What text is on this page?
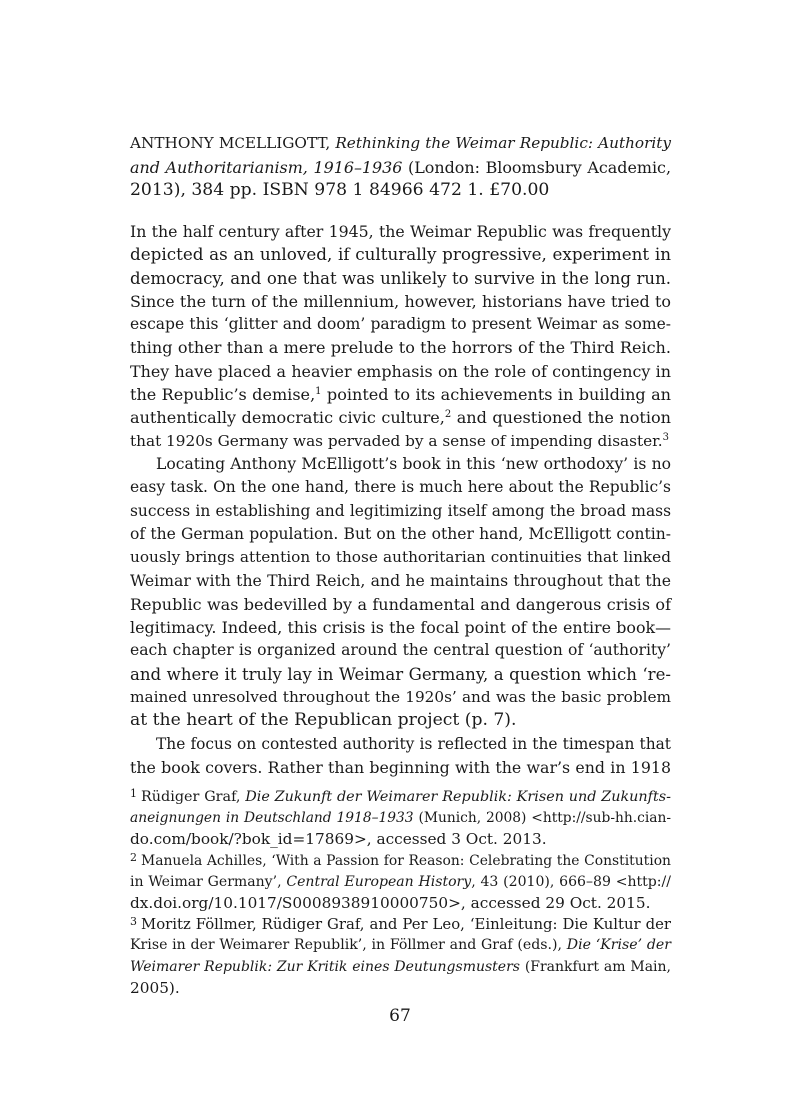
ANTHONY MCELLIGOTT, Rethinking the Weimar Republic: Authority
and Authoritarianism, 1916–1936 (London: Bloomsbury Academic,
2013), 384 pp. ISBN 978 1 84966 472 1. £70.00
In the half century after 1945, the Weimar Republic was frequently
depicted as an unloved, if culturally progressive, experiment in
democracy, and one that was unlikely to survive in the long run.
Since the turn of the millennium, however, historians have tried to
escape this ‘glitter and doom’ paradigm to present Weimar as some-
thing other than a mere prelude to the horrors of the Third Reich.
They have placed a heavier emphasis on the role of contingency in
the Republic’s demise,$^1$ pointed to its achievements in building an
authentically democratic civic culture,$^2$ and questioned the notion
that 1920s Germany was pervaded by a sense of impending disaster.$^3$
Locating Anthony McElligott’s book in this ‘new orthodoxy’ is no
easy task. On the one hand, there is much here about the Republic’s
success in establishing and legitimizing itself among the broad mass
of the German population. But on the other hand, McElligott contin-
uously brings attention to those authoritarian continuities that linked
Weimar with the Third Reich, and he maintains throughout that the
Republic was bedevilled by a fundamental and dangerous crisis of
legitimacy. Indeed, this crisis is the focal point of the entire book—
each chapter is organized around the central question of ‘authority’
and where it truly lay in Weimar Germany, a question which ‘re-
mained unresolved throughout the 1920s’ and was the basic problem
at the heart of the Republican project (p. 7).
The focus on contested authority is reflected in the timespan that
the book covers. Rather than beginning with the war’s end in 1918
$^1$ Rüdiger Graf, Die Zukunft der Weimarer Republik: Krisen und Zukunfts-
aneignungen in Deutschland 1918–1933 (Munich, 2008) <http://sub-hh.cian-
do.com/book/?bok_id=17869>, accessed 3 Oct. 2013.
$^2$ Manuela Achilles, ‘With a Passion for Reason: Celebrating the Constitution
in Weimar Germany’, Central European History, 43 (2010), 666–89 <http://
dx.doi.org/10.1017/S0008938910000750>, accessed 29 Oct. 2015.
$^3$ Moritz Föllmer, Rüdiger Graf, and Per Leo, ‘Einleitung: Die Kultur der
Krise in der Weimarer Republik’, in Föllmer and Graf (eds.), Die ‘Krise’ der
Weimarer Republik: Zur Kritik eines Deutungsmusters (Frankfurt am Main,
2005).
67
